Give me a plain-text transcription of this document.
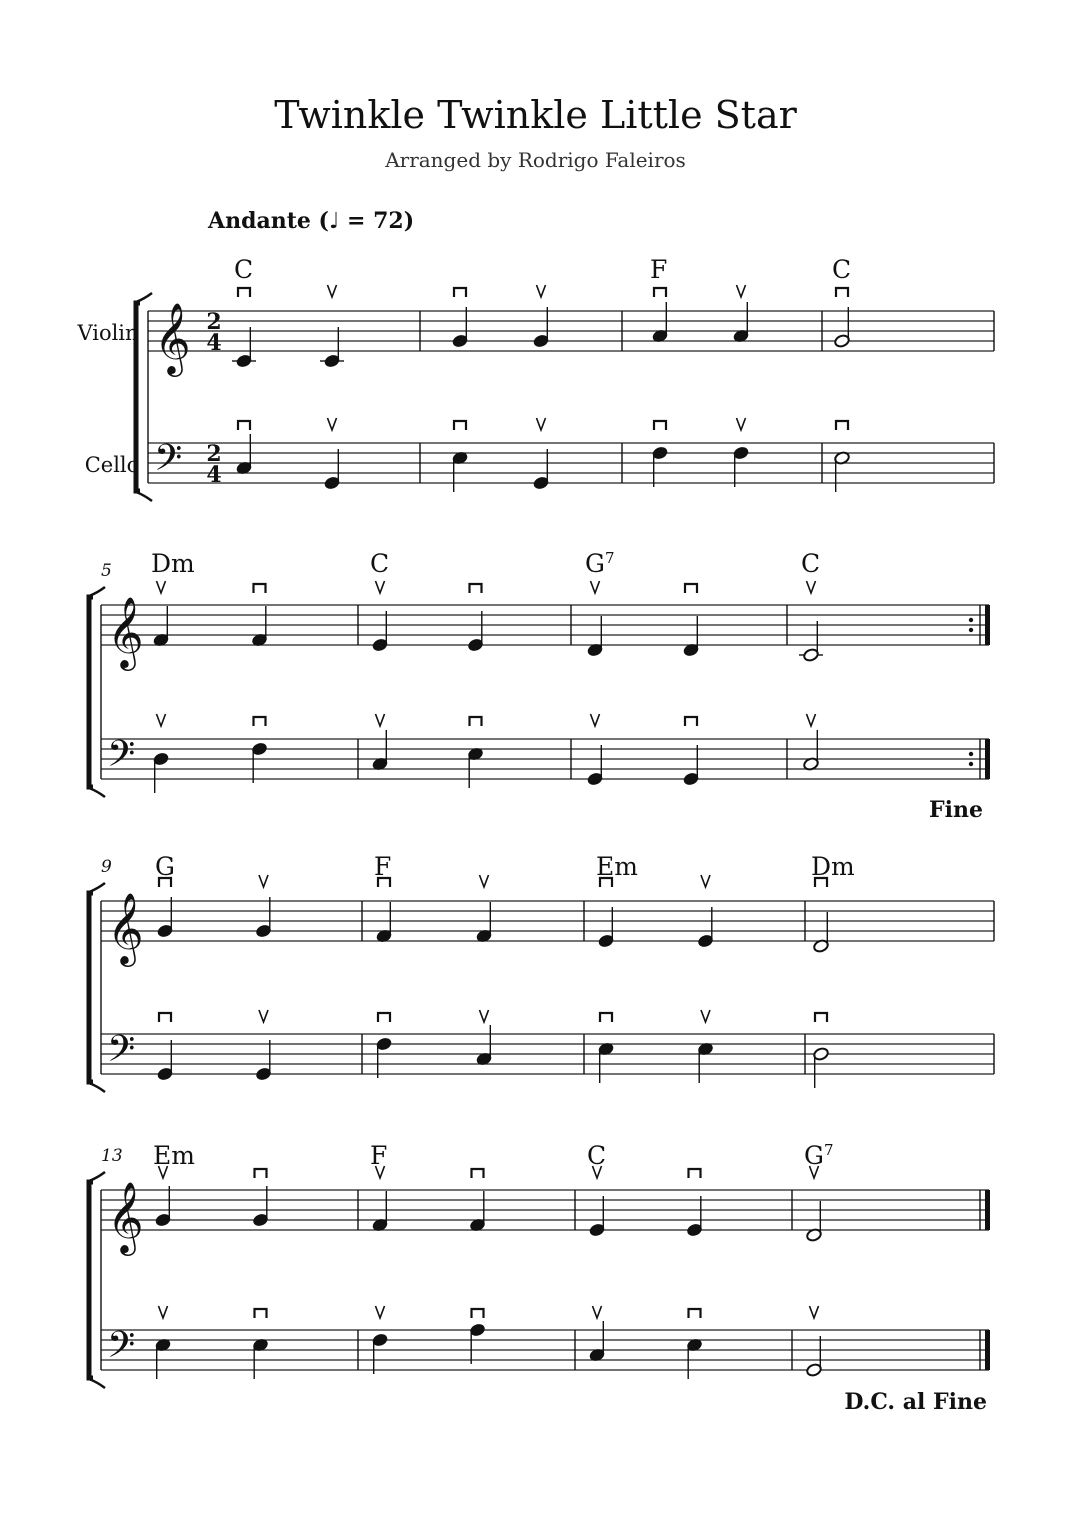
Twinkle Twinkle Little Star
Arranged by Rodrigo Faleiros
Andante (♩ = 72)
Violin
Cello
𝄞
𝄢
2
4
2
4
C	F	C
𝄞
𝄢
5 Dm	C	$G^7$	C
𝄞
𝄢
9 G	F	Em	Dm
𝄞
𝄢
13 Em	F	C	$G^7$
Fine
D.C. al Fine
